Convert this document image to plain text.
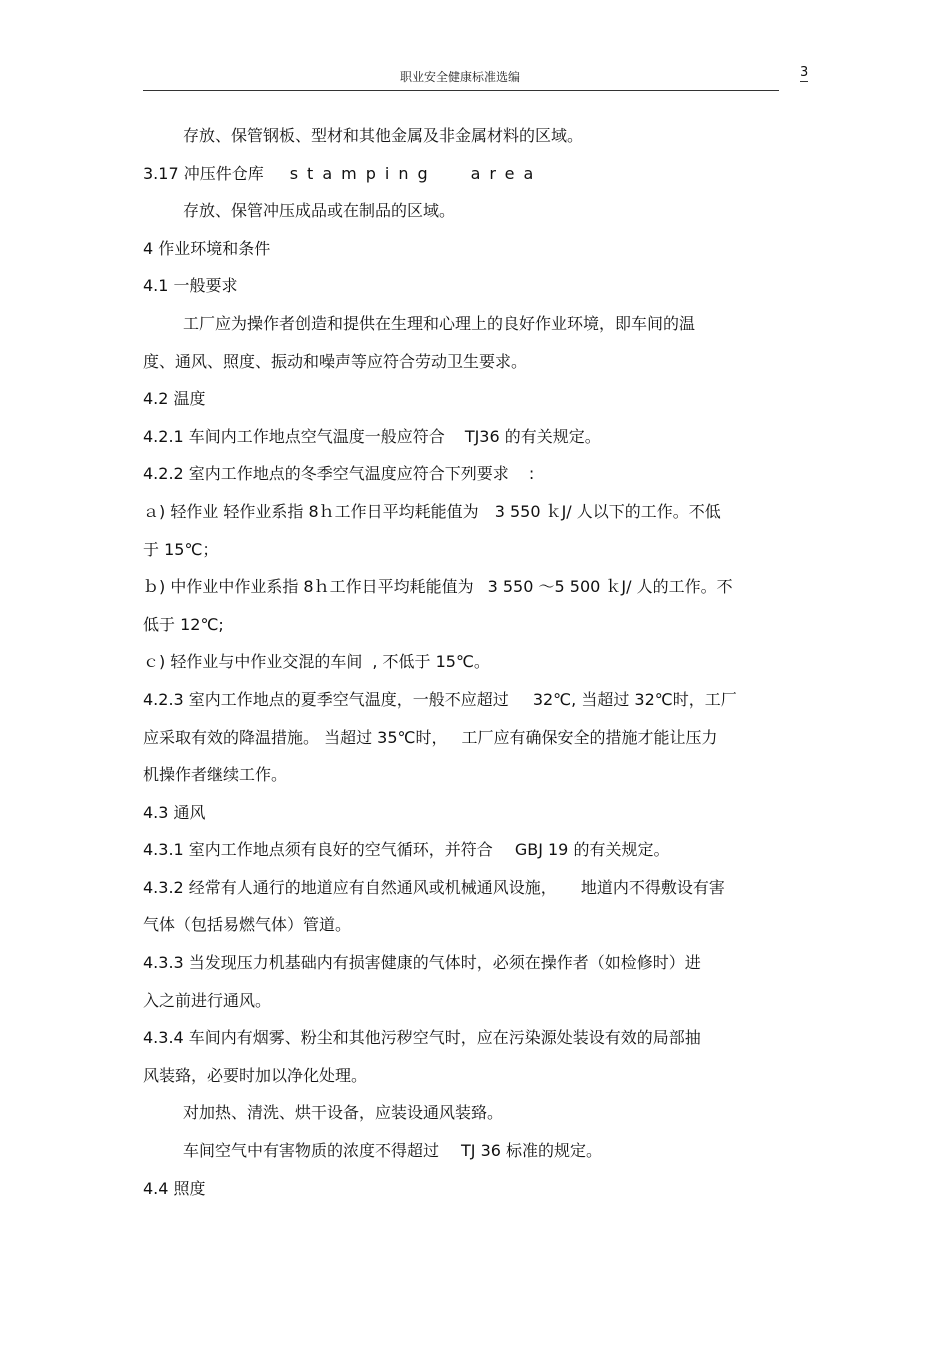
职业安全健康标准选编	3
存放、保管钢板、型材和其他金属及非金属材料的区域。
3.17 冲压件仓库 stamping area
存放、保管冲压成品或在制品的区域。
4 作业环境和条件
4.1 一般要求
工厂应为操作者创造和提供在生理和心理上的良好作业环境，即车间的温
度、通风、照度、振动和噪声等应符合劳动卫生要求。
4.2 温度
4.2.1 车间内工作地点空气温度一般应符合 TJ36 的有关规定。
4.2.2 室内工作地点的冬季空气温度应符合下列要求 :
ａ) 轻作业 轻作业系指 8ｈ工作日平均耗能值为 3 550 ｋJ/ 人以下的工作。不低
于 15℃；
ｂ) 中作业中作业系指 8ｈ工作日平均耗能值为 3 550 ～5 500 ｋJ/ 人的工作。不
低于 12℃;
ｃ) 轻作业与中作业交混的车间 , 不低于 15℃。
4.2.3 室内工作地点的夏季空气温度，一般不应超过 32℃, 当超过 32℃时，工厂
应采取有效的降温措施。 当超过 35℃时， 工厂应有确保安全的措施才能让压力
机操作者继续工作。
4.3 通风
4.3.1 室内工作地点须有良好的空气循环，并符合 GBJ 19 的有关规定。
4.3.2 经常有人通行的地道应有自然通风或机械通风设施， 地道内不得敷设有害
气体（包括易燃气体）管道。
4.3.3 当发现压力机基础内有损害健康的气体时，必须在操作者（如检修时）进
入之前进行通风。
4.3.4 车间内有烟雾、粉尘和其他污秽空气时，应在污染源处装设有效的局部抽
风装臵，必要时加以净化处理。
对加热、清洗、烘干设备，应装设通风装臵。
车间空气中有害物质的浓度不得超过 TJ 36 标准的规定。
4.4 照度
